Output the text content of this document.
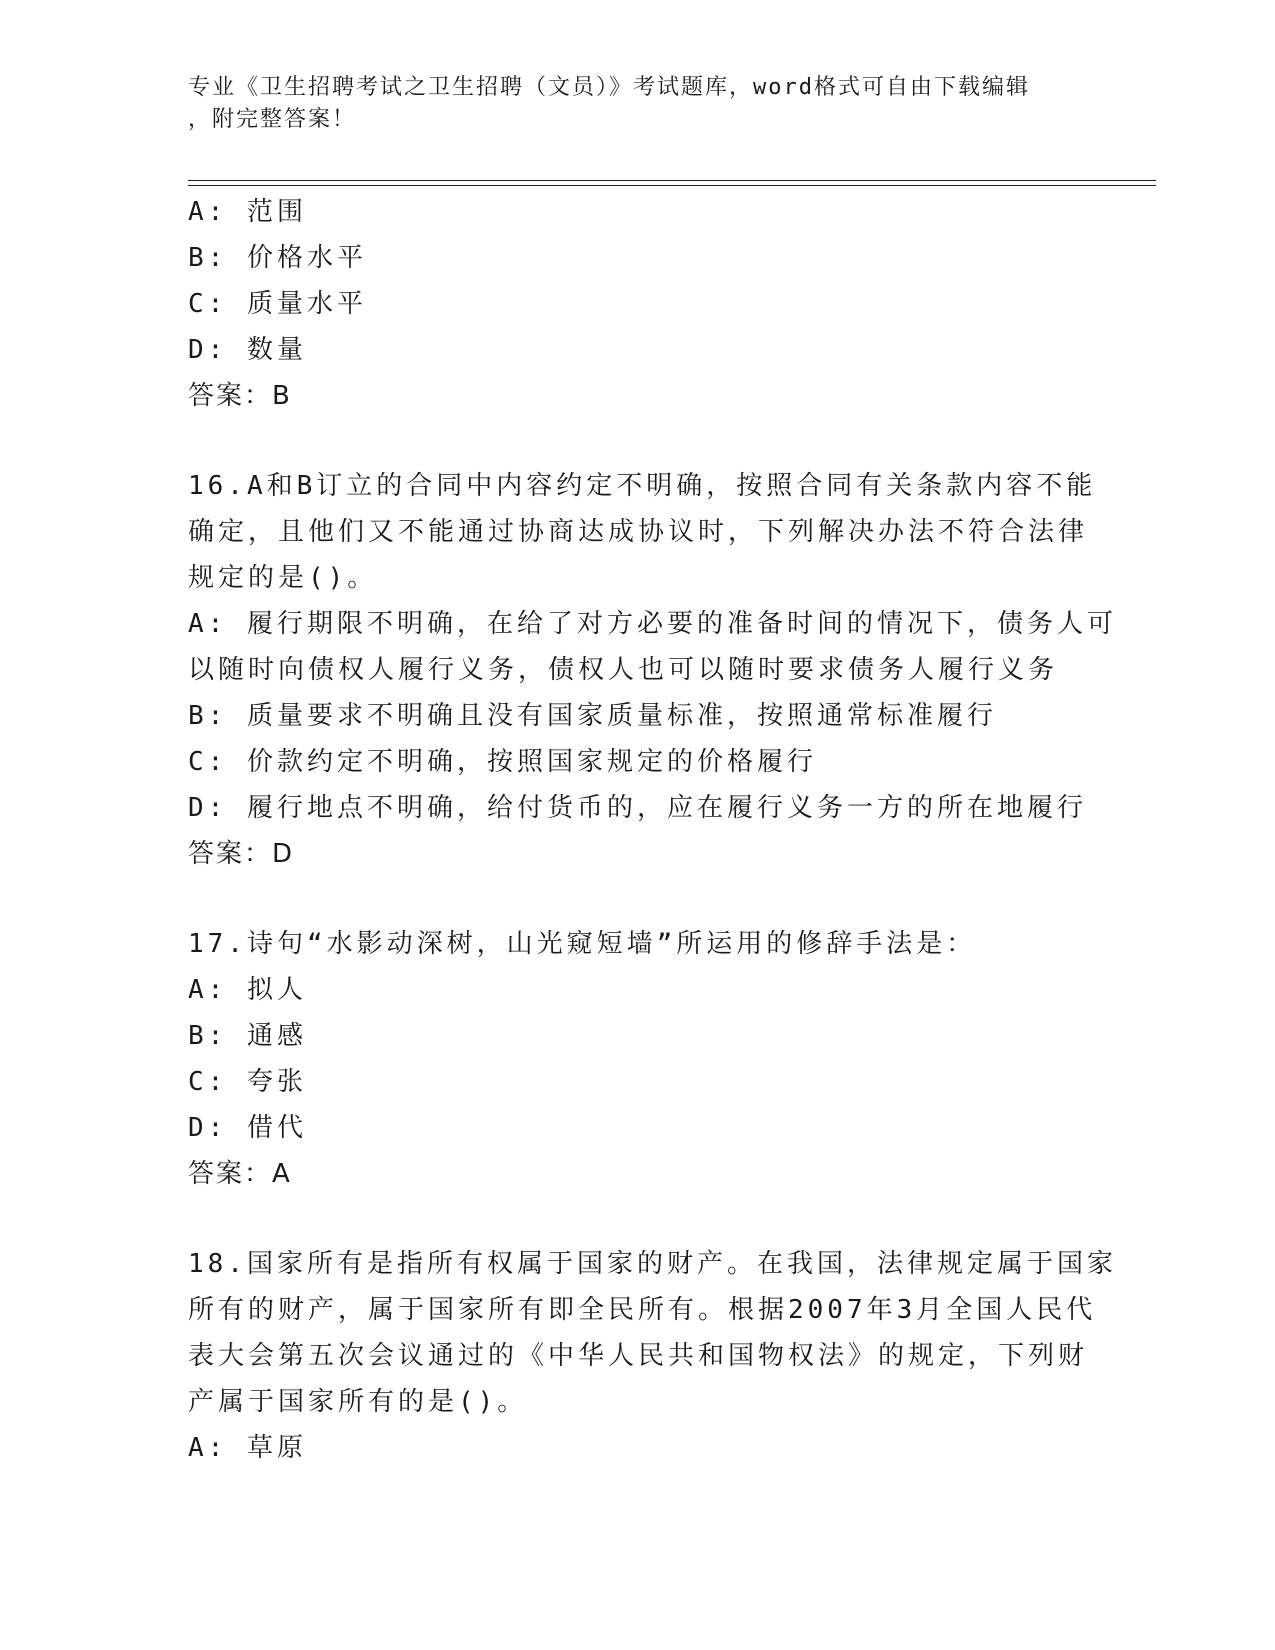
专业《卫生招聘考试之卫生招聘（文员）》考试题库，word格式可自由下载编辑
，附完整答案！
A: 范围
B: 价格水平
C: 质量水平
D: 数量
答案：B
16.A和B订立的合同中内容约定不明确，按照合同有关条款内容不能
确定，且他们又不能通过协商达成协议时，下列解决办法不符合法律
规定的是()。
A: 履行期限不明确，在给了对方必要的准备时间的情况下，债务人可
以随时向债权人履行义务，债权人也可以随时要求债务人履行义务
B: 质量要求不明确且没有国家质量标准，按照通常标准履行
C: 价款约定不明确，按照国家规定的价格履行
D: 履行地点不明确，给付货币的，应在履行义务一方的所在地履行
答案：D
17.诗句“水影动深树，山光窥短墙”所运用的修辞手法是：
A: 拟人
B: 通感
C: 夸张
D: 借代
答案：A
18.国家所有是指所有权属于国家的财产。在我国，法律规定属于国家
所有的财产，属于国家所有即全民所有。根据2007年3月全国人民代
表大会第五次会议通过的《中华人民共和国物权法》的规定，下列财
产属于国家所有的是()。
A: 草原
